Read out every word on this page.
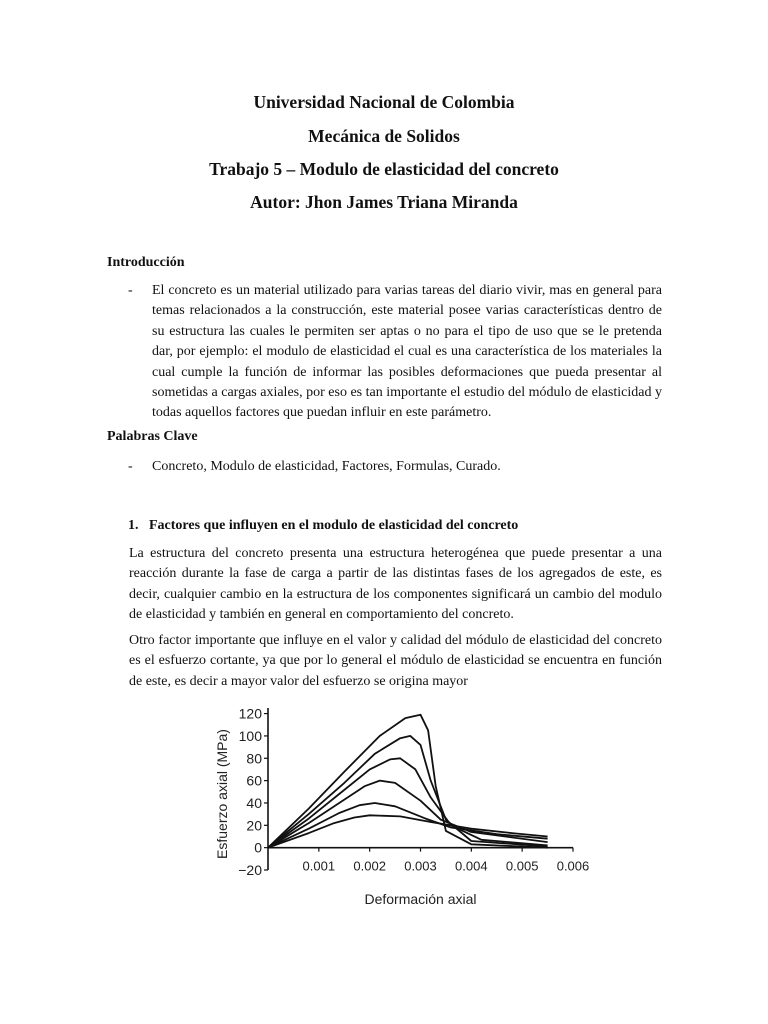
Universidad Nacional de Colombia
Mecánica de Solidos
Trabajo 5 – Modulo de elasticidad del concreto
Autor: Jhon James Triana Miranda
Introducción
- El concreto es un material utilizado para varias tareas del diario vivir, mas en general para temas relacionados a la construcción, este material posee varias características dentro de su estructura las cuales le permiten ser aptas o no para el tipo de uso que se le pretenda dar, por ejemplo: el modulo de elasticidad el cual es una característica de los materiales la cual cumple la función de informar las posibles deformaciones que pueda presentar al sometidas a cargas axiales, por eso es tan importante el estudio del módulo de elasticidad y todas aquellos factores que puedan influir en este parámetro.
Palabras Clave
- Concreto, Modulo de elasticidad, Factores, Formulas, Curado.
1. Factores que influyen en el modulo de elasticidad del concreto
La estructura del concreto presenta una estructura heterogénea que puede presentar a una reacción durante la fase de carga a partir de las distintas fases de los agregados de este, es decir, cualquier cambio en la estructura de los componentes significará un cambio del modulo de elasticidad y también en general en comportamiento del concreto.
Otro factor importante que influye en el valor y calidad del módulo de elasticidad del concreto es el esfuerzo cortante, ya que por lo general el módulo de elasticidad se encuentra en función de este, es decir a mayor valor del esfuerzo se origina mayor
120
100
80
60
40
20
0
−20	0.001 0.002 0.003 0.004 0.005 0.006
Deformación axial
Esfuerzo axial (MPa)
